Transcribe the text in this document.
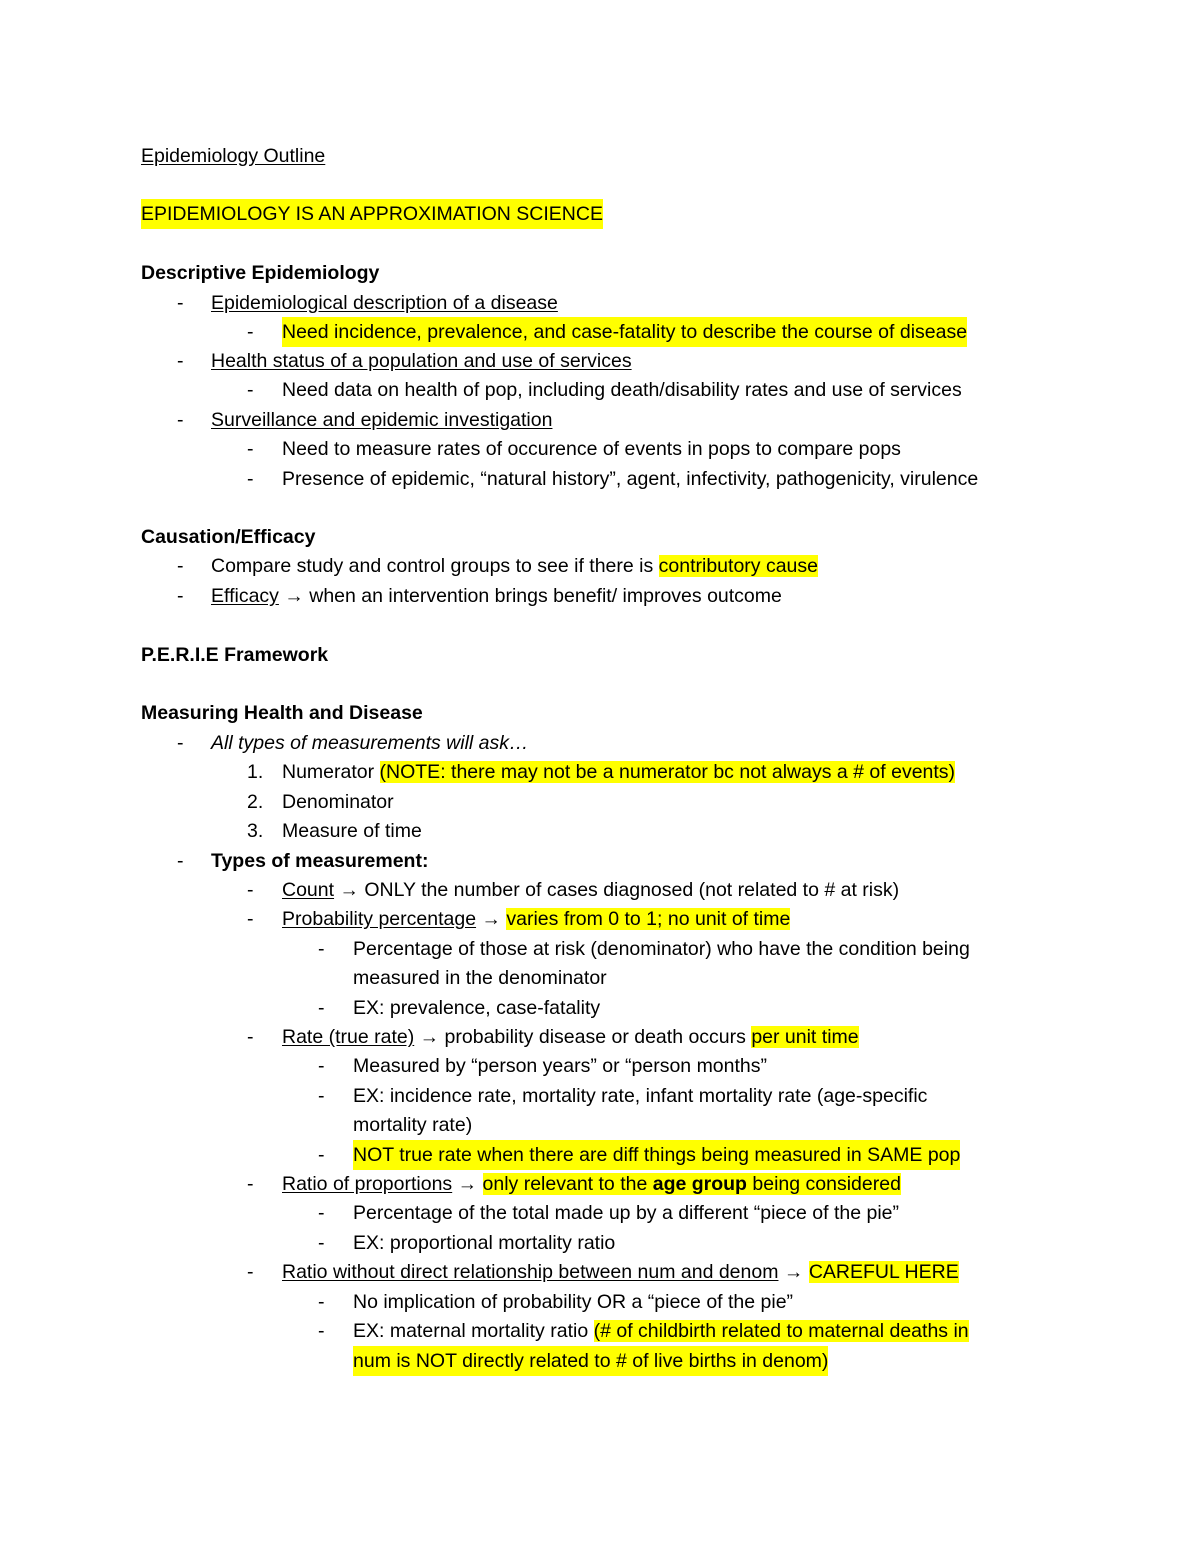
Epidemiology Outline
EPIDEMIOLOGY IS AN APPROXIMATION SCIENCE
Descriptive Epidemiology
- Epidemiological description of a disease
- Need incidence, prevalence, and case-fatality to describe the course of disease
- Health status of a population and use of services
- Need data on health of pop, including death/disability rates and use of services
- Surveillance and epidemic investigation
- Need to measure rates of occurence of events in pops to compare pops
- Presence of epidemic, “natural history”, agent, infectivity, pathogenicity, virulence
Causation/Efficacy
- Compare study and control groups to see if there is contributory cause
- Efficacy → when an intervention brings benefit/ improves outcome
P.E.R.I.E Framework
Measuring Health and Disease
- All types of measurements will ask…
1. Numerator (NOTE: there may not be a numerator bc not always a # of events)
2. Denominator
3. Measure of time
- Types of measurement:
- Count → ONLY the number of cases diagnosed (not related to # at risk)
- Probability percentage → varies from 0 to 1; no unit of time
- Percentage of those at risk (denominator) who have the condition being
measured in the denominator
- EX: prevalence, case-fatality
- Rate (true rate) → probability disease or death occurs per unit time
- Measured by “person years” or “person months”
- EX: incidence rate, mortality rate, infant mortality rate (age-specific
mortality rate)
- NOT true rate when there are diff things being measured in SAME pop
- Ratio of proportions → only relevant to the age group being considered
- Percentage of the total made up by a different “piece of the pie”
- EX: proportional mortality ratio
- Ratio without direct relationship between num and denom → CAREFUL HERE
- No implication of probability OR a “piece of the pie”
- EX: maternal mortality ratio (# of childbirth related to maternal deaths in
num is NOT directly related to # of live births in denom)
